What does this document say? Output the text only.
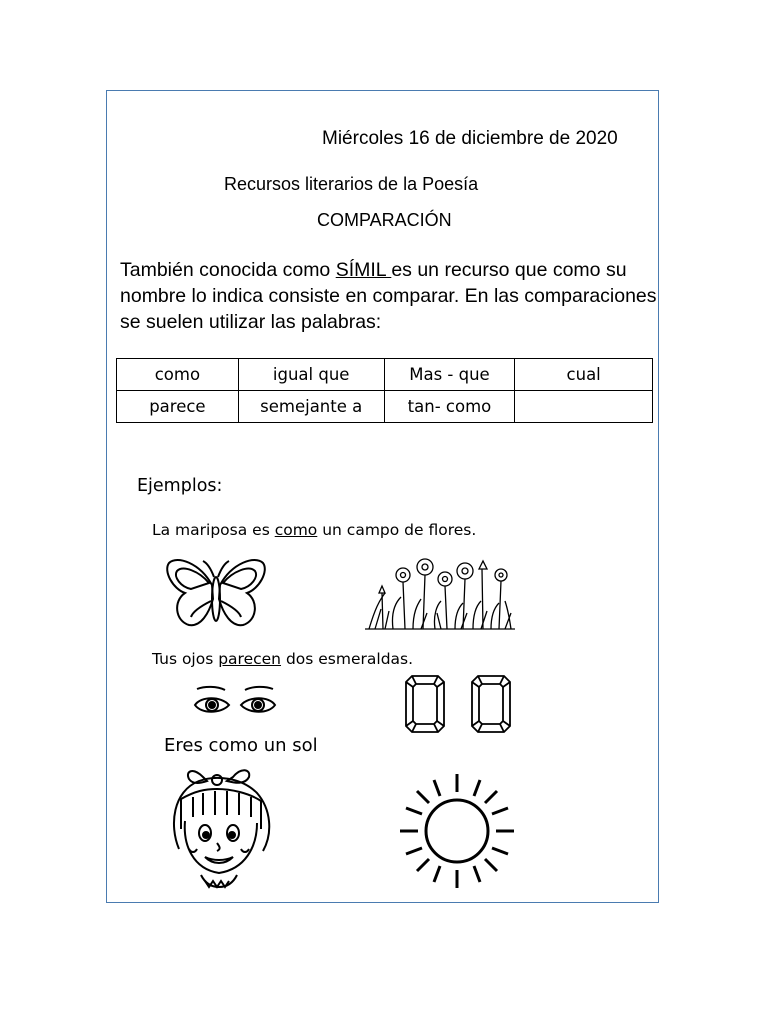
Miércoles 16 de diciembre de 2020
Recursos literarios de la Poesía
COMPARACIÓN
También conocida como SÍMIL es un recurso que como su nombre lo indica consiste en comparar. En las comparaciones se suelen utilizar las palabras:
como	igual que	Mas - que	cual
parece	semejante a	tan- como	
Ejemplos:
La mariposa es como un campo de flores.
Tus ojos parecen dos esmeraldas.
Eres como un sol
